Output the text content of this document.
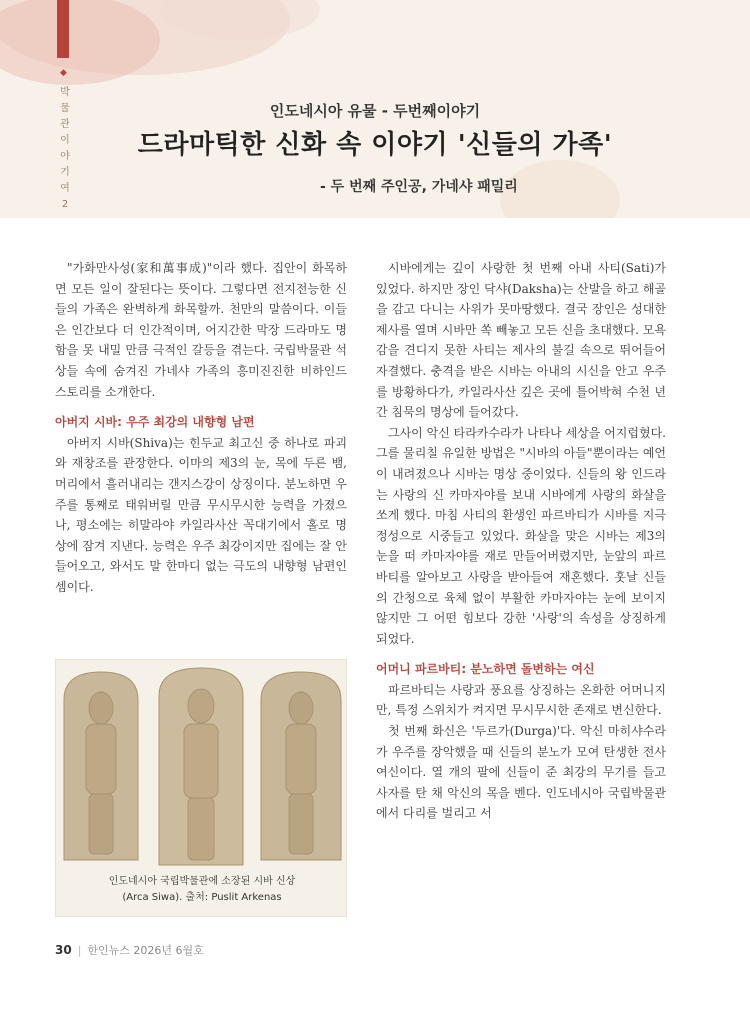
◆
박물관이야기 여2
인도네시아 유물 - 두번째이야기
드라마틱한 신화 속 이야기 '신들의 가족'
- 두 번째 주인공, 가네샤 패밀리

"가화만사성(家和萬事成)"이라 했다. 집안이 화목하면 모든 일이 잘된다는 뜻이다. 그렇다면 전지전능한 신들의 가족은 완벽하게 화목할까. 천만의 말씀이다. 이들은 인간보다 더 인간적이며, 어지간한 막장 드라마도 명함을 못 내밀 만큼 극적인 갈등을 겪는다. 국립박물관 석상들 속에 숨겨진 가네샤 가족의 흥미진진한 비하인드 스토리를 소개한다.

아버지 시바: 우주 최강의 내향형 남편

아버지 시바(Shiva)는 힌두교 최고신 중 하나로 파괴와 재창조를 관장한다. 이마의 제3의 눈, 목에 두른 뱀, 머리에서 흘러내리는 갠지스강이 상징이다. 분노하면 우주를 통째로 태워버릴 만큼 무시무시한 능력을 가졌으나, 평소에는 히말라야 카일라사산 꼭대기에서 홀로 명상에 잠겨 지낸다. 능력은 우주 최강이지만 집에는 잘 안 들어오고, 와서도 말 한마디 없는 극도의 내향형 남편인 셈이다.

인도네시아 국립박물관에 소장된 시바 신상
(Arca Siwa). 출처: Puslit Arkenas

시바에게는 깊이 사랑한 첫 번째 아내 사티(Sati)가 있었다. 하지만 장인 닥샤(Daksha)는 산발을 하고 해골을 감고 다니는 사위가 못마땅했다. 결국 장인은 성대한 제사를 열며 시바만 쏙 빼놓고 모든 신을 초대했다. 모욕감을 견디지 못한 사티는 제사의 불길 속으로 뛰어들어 자결했다. 충격을 받은 시바는 아내의 시신을 안고 우주를 방황하다가, 카일라사산 깊은 곳에 틀어박혀 수천 년간 침묵의 명상에 들어갔다.

그사이 악신 타라카수라가 나타나 세상을 어지럽혔다. 그를 물리칠 유일한 방법은 "시바의 아들"뿐이라는 예언이 내려졌으나 시바는 명상 중이었다. 신들의 왕 인드라는 사랑의 신 카마자야를 보내 시바에게 사랑의 화살을 쏘게 했다. 마침 사티의 환생인 파르바티가 시바를 지극 정성으로 시중들고 있었다. 화살을 맞은 시바는 제3의 눈을 떠 카마자야를 재로 만들어버렸지만, 눈앞의 파르바티를 알아보고 사랑을 받아들여 재혼했다. 훗날 신들의 간청으로 육체 없이 부활한 카마자야는 눈에 보이지 않지만 그 어떤 힘보다 강한 '사랑'의 속성을 상징하게 되었다.

어머니 파르바티: 분노하면 돌변하는 여신

파르바티는 사랑과 풍요를 상징하는 온화한 어머니지만, 특정 스위치가 켜지면 무시무시한 존재로 변신한다.

첫 번째 화신은 '두르가(Durga)'다. 악신 마히샤수라가 우주를 장악했을 때 신들의 분노가 모여 탄생한 전사 여신이다. 열 개의 팔에 신들이 준 최강의 무기를 들고 사자를 탄 채 악신의 목을 벤다. 인도네시아 국립박물관에서 다리를 벌리고 서

30 | 한인뉴스 2026년 6월호
